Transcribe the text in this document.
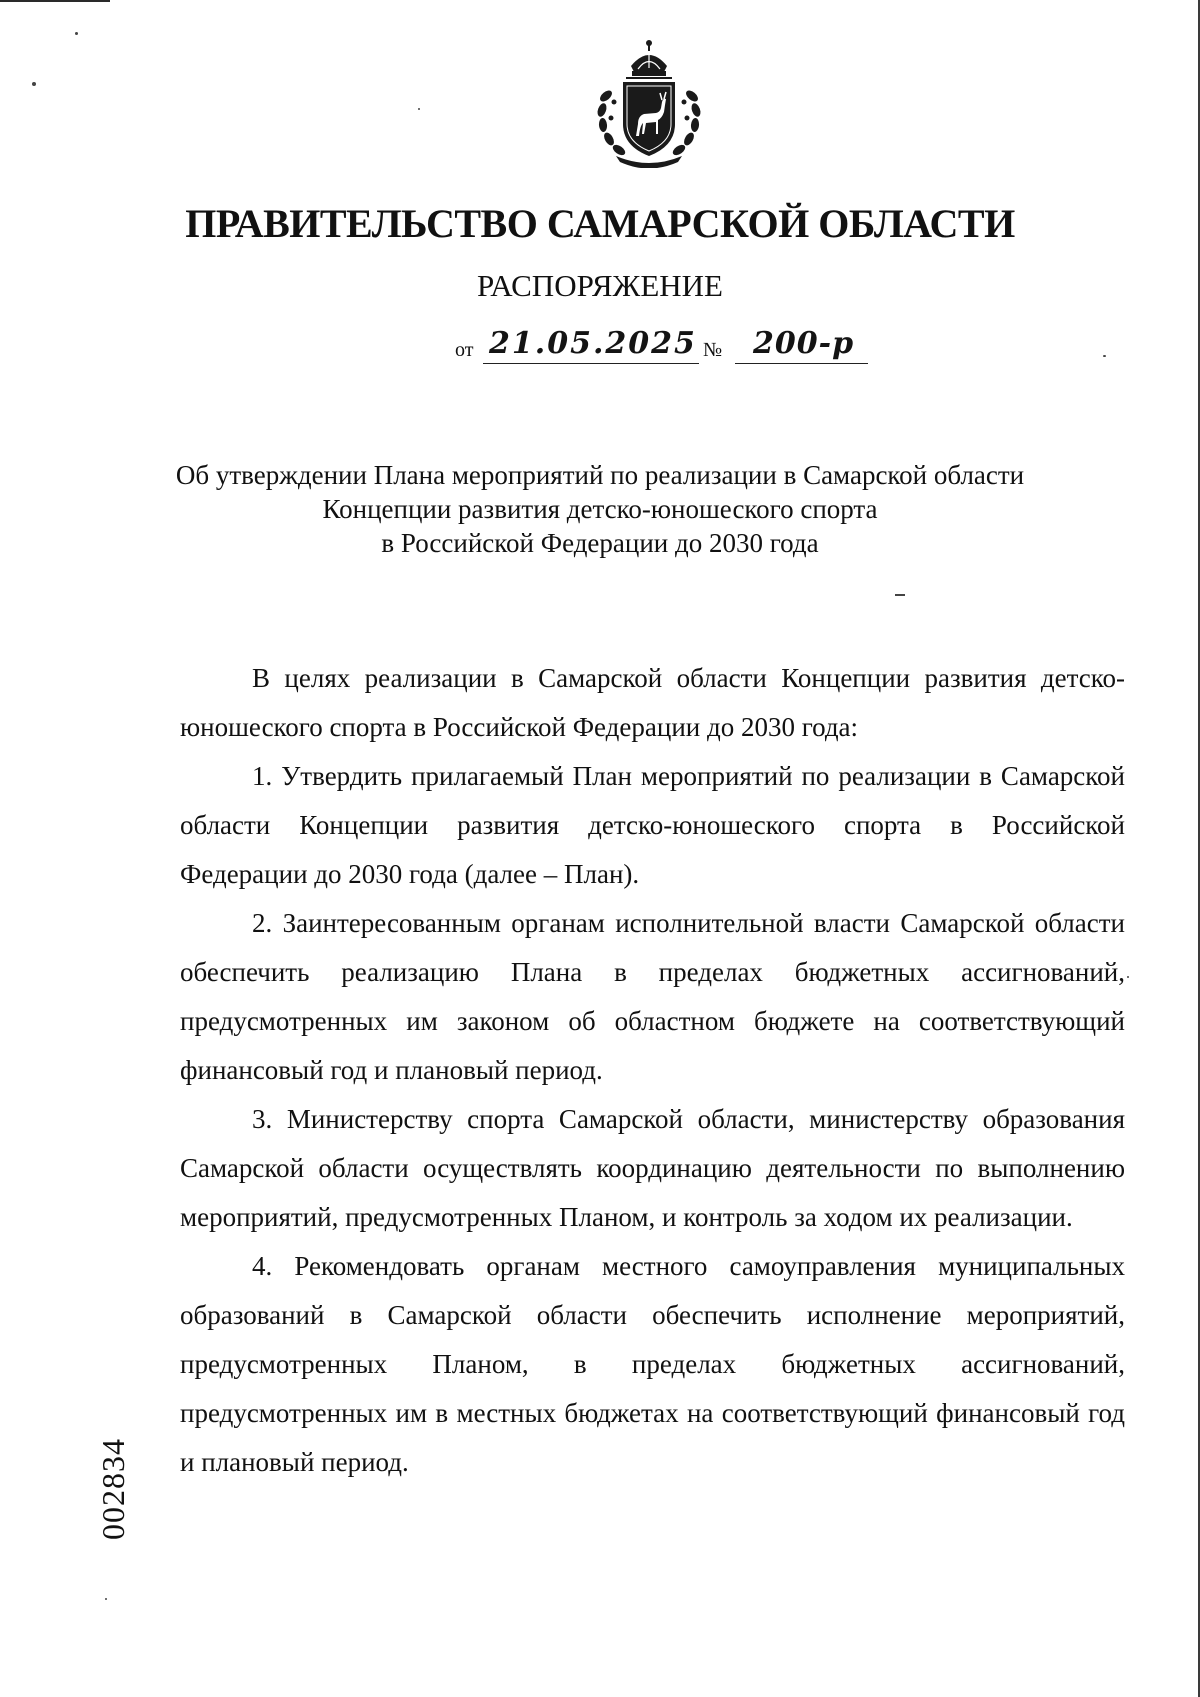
ПРАВИТЕЛЬСТВО САМАРСКОЙ ОБЛАСТИ
РАСПОРЯЖЕНИЕ
от 21.05.2025 №	200-р
Об утверждении Плана мероприятий по реализации в Самарской области
Концепции развития детско-юношеского спорта
в Российской Федерации до 2030 года

В целях реализации в Самарской области Концепции развития детско-юношеского спорта в Российской Федерации до 2030 года:

1. Утвердить прилагаемый План мероприятий по реализации в Самарской области Концепции развития детско-юношеского спорта в Российской Федерации до 2030 года (далее – План).

2. Заинтересованным органам исполнительной власти Самарской области обеспечить реализацию Плана в пределах бюджетных ассигнований, предусмотренных им законом об областном бюджете на соответствующий финансовый год и плановый период.

3. Министерству спорта Самарской области, министерству образования Самарской области осуществлять координацию деятельности по выполнению мероприятий, предусмотренных Планом, и контроль за ходом их реализации.

4. Рекомендовать органам местного самоуправления муниципальных образований в Самарской области обеспечить исполнение мероприятий, предусмотренных Планом, в пределах бюджетных ассигнований, предусмотренных им в местных бюджетах на соответствующий финансовый год и плановый период.

002834
